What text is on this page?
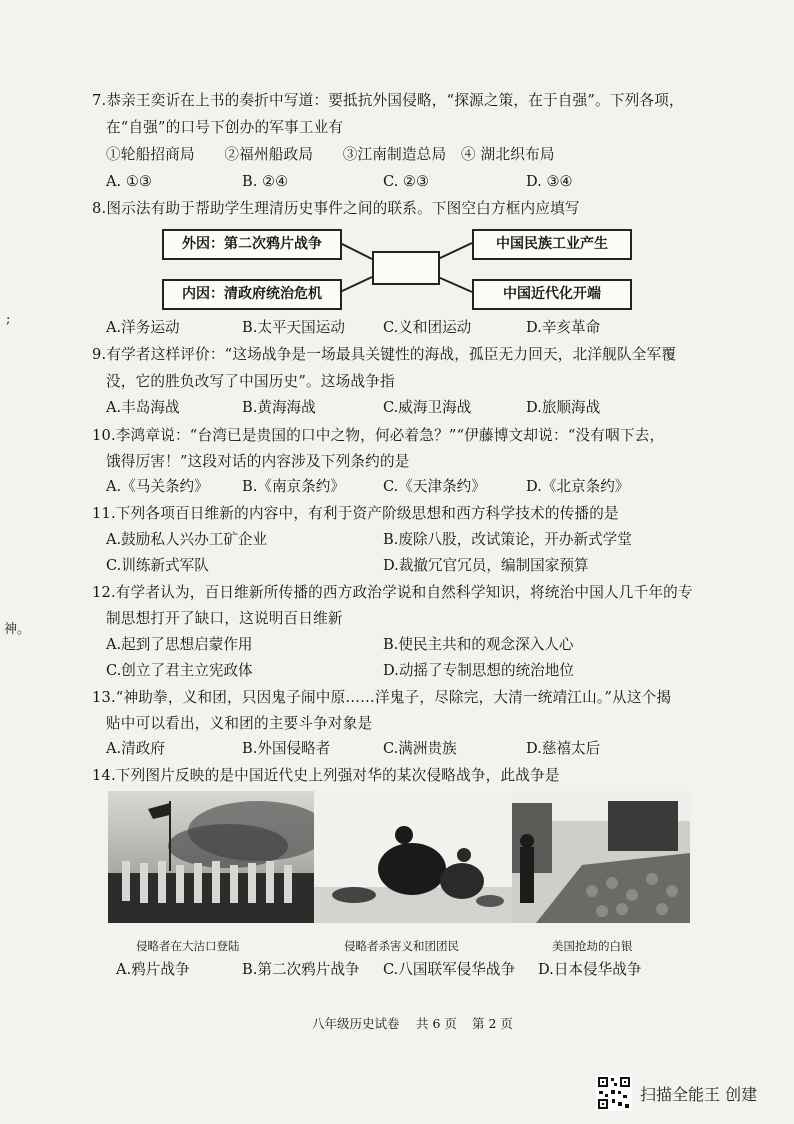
;
神。
7.恭亲王奕䜣在上书的奏折中写道：要抵抗外国侵略，“探源之策，在于自强”。下列各项，
在“自强”的口号下创办的军事工业有
①轮船招商局　　②福州船政局　　③江南制造总局　④ 湖北织布局
A. ①③	B. ②④	C. ②③	D. ③④
8.图示法有助于帮助学生理清历史事件之间的联系。下图空白方框内应填写
外因：第二次鸦片战争
内因：清政府统治危机
中国民族工业产生
中国近代化开端
A.洋务运动	B.太平天国运动	C.义和团运动	D.辛亥革命
9.有学者这样评价：“这场战争是一场最具关键性的海战，孤臣无力回天，北洋舰队全军覆
没，它的胜负改写了中国历史”。这场战争指
A.丰岛海战	B.黄海海战	C.威海卫海战	D.旅顺海战
10.李鸿章说：“台湾已是贵国的口中之物，何必着急？”“伊藤博文却说：“没有咽下去，
饿得厉害！”这段对话的内容涉及下列条约的是
A.《马关条约》 B.《南京条约》	C.《天津条约》	D.《北京条约》
11.下列各项百日维新的内容中，有利于资产阶级思想和西方科学技术的传播的是
A.鼓励私人兴办工矿企业	B.废除八股，改试策论，开办新式学堂
C.训练新式军队	D.裁撤冗官冗员，编制国家预算
12.有学者认为，百日维新所传播的西方政治学说和自然科学知识，将统治中国人几千年的专
制思想打开了缺口，这说明百日维新
A.起到了思想启蒙作用	B.使民主共和的观念深入人心
C.创立了君主立宪政体	D.动摇了专制思想的统治地位
13.“神助拳，义和团，只因鬼子闹中原……洋鬼子，尽除完，大清一统靖江山。”从这个揭
贴中可以看出，义和团的主要斗争对象是
A.清政府	B.外国侵略者	C.满洲贵族	D.慈禧太后
14.下列图片反映的是中国近代史上列强对华的某次侵略战争，此战争是
侵略者在大沽口登陆	侵略者杀害义和团团民	美国抢劫的白银
A.鸦片战争	B.第二次鸦片战争 C.八国联军侵华战争 D.日本侵华战争
八年级历史试卷 共 6 页 第 2 页
扫描全能王 创建
